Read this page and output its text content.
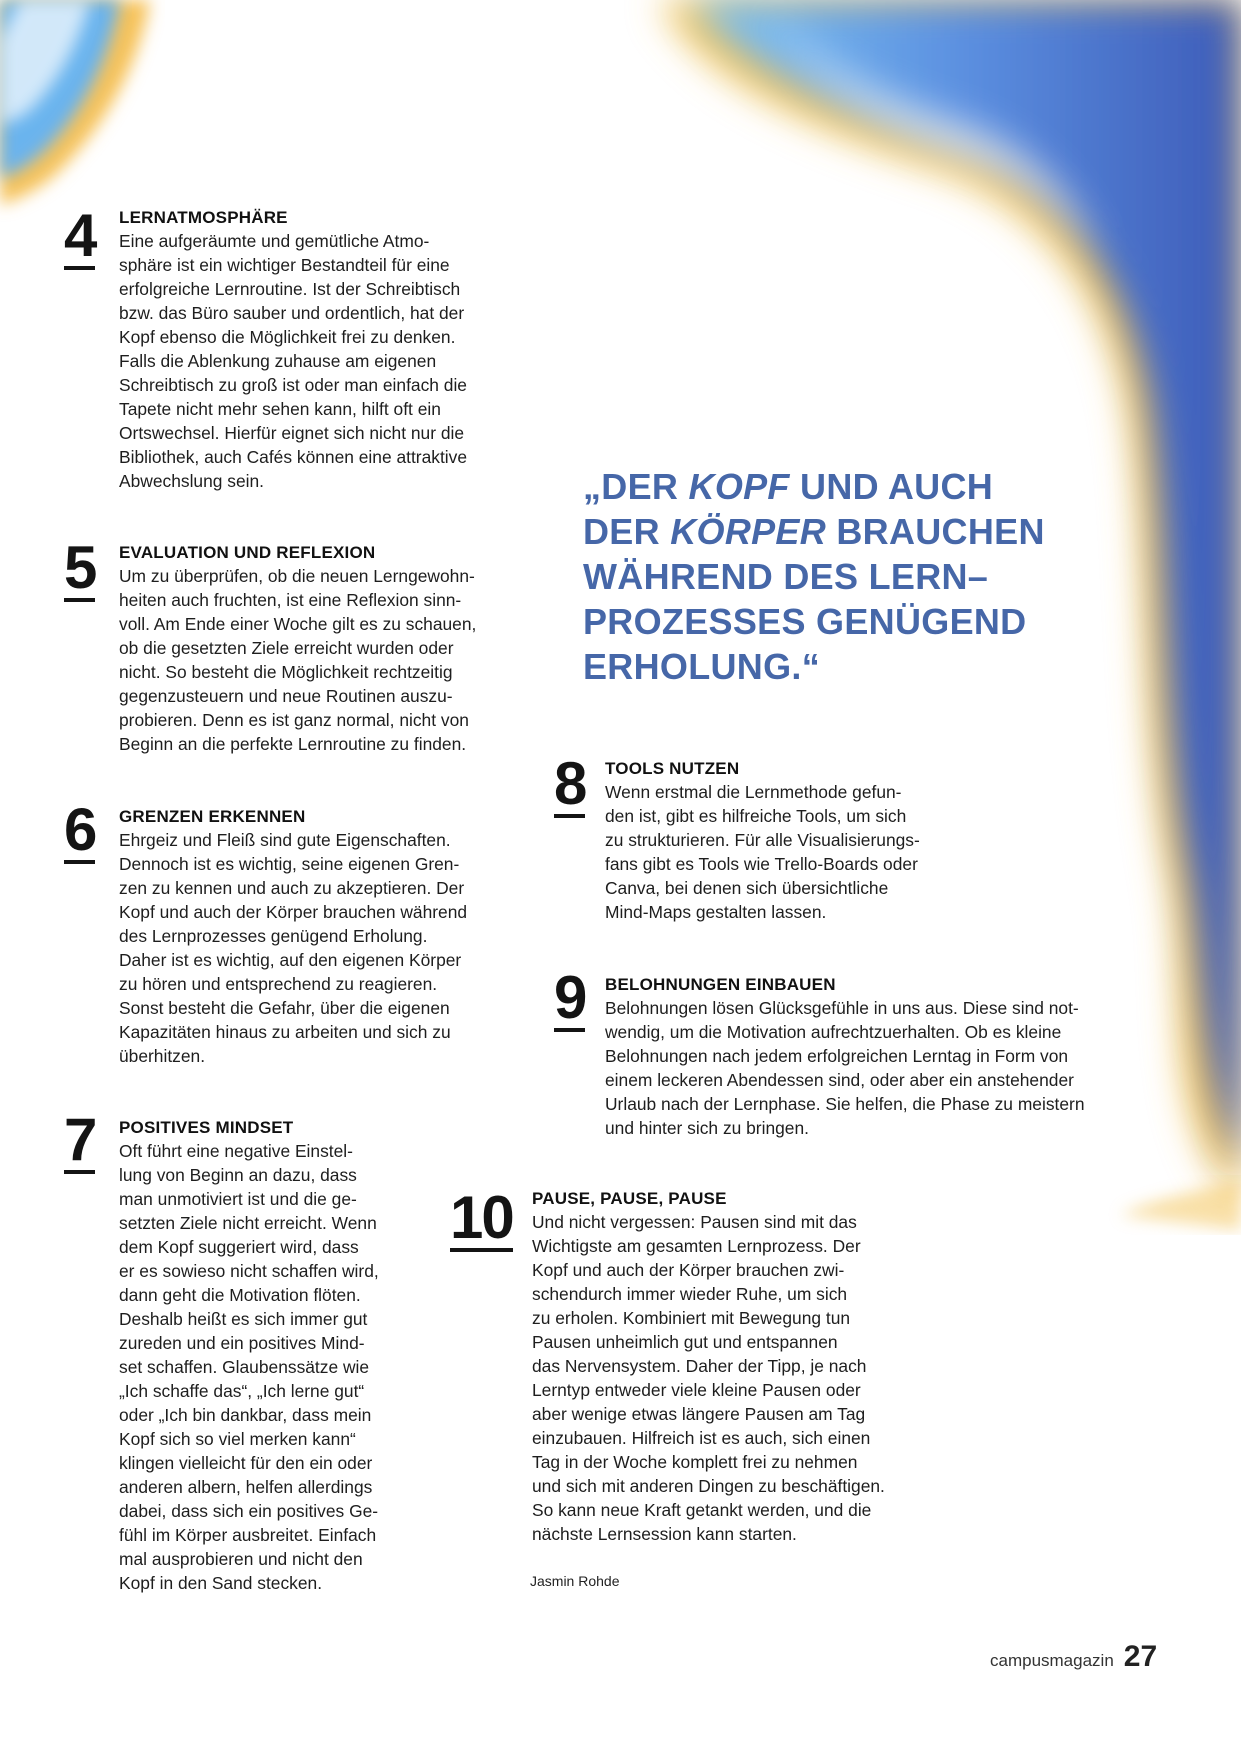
4 LERNATMOSPHÄRE
Eine aufgeräumte und gemütliche Atmo-
sphäre ist ein wichtiger Bestandteil für eine
erfolgreiche Lernroutine. Ist der Schreibtisch
bzw. das Büro sauber und ordentlich, hat der
Kopf ebenso die Möglichkeit frei zu denken.
Falls die Ablenkung zuhause am eigenen
Schreibtisch zu groß ist oder man einfach die
Tapete nicht mehr sehen kann, hilft oft ein
Ortswechsel. Hierfür eignet sich nicht nur die
Bibliothek, auch Cafés können eine attraktive
Abwechslung sein.
5 EVALUATION UND REFLEXION
Um zu überprüfen, ob die neuen Lerngewohn-
heiten auch fruchten, ist eine Reflexion sinn-
voll. Am Ende einer Woche gilt es zu schauen,
ob die gesetzten Ziele erreicht wurden oder
nicht. So besteht die Möglichkeit rechtzeitig
gegenzusteuern und neue Routinen auszu-
probieren. Denn es ist ganz normal, nicht von
Beginn an die perfekte Lernroutine zu finden.
6 GRENZEN ERKENNEN
Ehrgeiz und Fleiß sind gute Eigenschaften.
Dennoch ist es wichtig, seine eigenen Gren-
zen zu kennen und auch zu akzeptieren. Der
Kopf und auch der Körper brauchen während
des Lernprozesses genügend Erholung.
Daher ist es wichtig, auf den eigenen Körper
zu hören und entsprechend zu reagieren.
Sonst besteht die Gefahr, über die eigenen
Kapazitäten hinaus zu arbeiten und sich zu
überhitzen.
7 POSITIVES MINDSET
Oft führt eine negative Einstel-
lung von Beginn an dazu, dass
man unmotiviert ist und die ge-
setzten Ziele nicht erreicht. Wenn
dem Kopf suggeriert wird, dass
er es sowieso nicht schaffen wird,
dann geht die Motivation flöten.
Deshalb heißt es sich immer gut
zureden und ein positives Mind-
set schaffen. Glaubenssätze wie
„Ich schaffe das“, „Ich lerne gut“
oder „Ich bin dankbar, dass mein
Kopf sich so viel merken kann“
klingen vielleicht für den ein oder
anderen albern, helfen allerdings
dabei, dass sich ein positives Ge-
fühl im Körper ausbreitet. Einfach
mal ausprobieren und nicht den
Kopf in den Sand stecken.
„DER KOPF UND AUCH DER KÖRPER BRAUCHEN WÄHREND DES LERN– PROZESSES GENÜGEND ERHOLUNG.“
8 TOOLS NUTZEN
Wenn erstmal die Lernmethode gefun-
den ist, gibt es hilfreiche Tools, um sich
zu strukturieren. Für alle Visualisierungs-
fans gibt es Tools wie Trello-Boards oder
Canva, bei denen sich übersichtliche
Mind-Maps gestalten lassen.
9 BELOHNUNGEN EINBAUEN
Belohnungen lösen Glücksgefühle in uns aus. Diese sind not-
wendig, um die Motivation aufrechtzuerhalten. Ob es kleine
Belohnungen nach jedem erfolgreichen Lerntag in Form von
einem leckeren Abendessen sind, oder aber ein anstehender
Urlaub nach der Lernphase. Sie helfen, die Phase zu meistern
und hinter sich zu bringen.
10 PAUSE, PAUSE, PAUSE
Und nicht vergessen: Pausen sind mit das
Wichtigste am gesamten Lernprozess. Der
Kopf und auch der Körper brauchen zwi-
schendurch immer wieder Ruhe, um sich
zu erholen. Kombiniert mit Bewegung tun
Pausen unheimlich gut und entspannen
das Nervensystem. Daher der Tipp, je nach
Lerntyp entweder viele kleine Pausen oder
aber wenige etwas längere Pausen am Tag
einzubauen. Hilfreich ist es auch, sich einen
Tag in der Woche komplett frei zu nehmen
und sich mit anderen Dingen zu beschäftigen.
So kann neue Kraft getankt werden, und die
nächste Lernsession kann starten.
Jasmin Rohde
campusmagazin 27
